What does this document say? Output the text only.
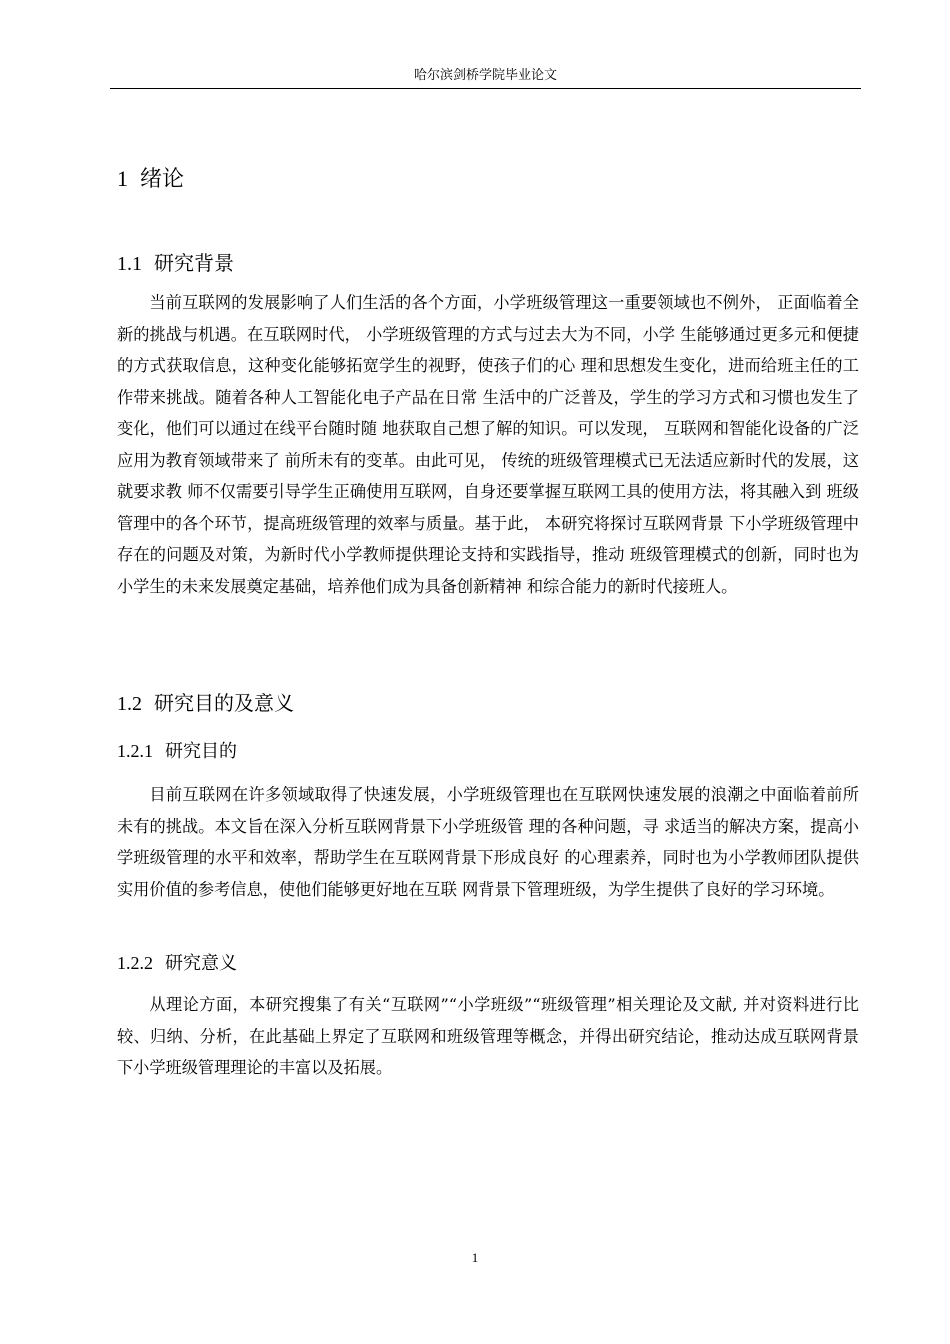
哈尔滨剑桥学院毕业论文
1 绪论
1.1 研究背景

当前互联网的发展影响了人们生活的各个方面，小学班级管理这一重要领域也不例外， 正面临着全新的挑战与机遇。在互联网时代， 小学班级管理的方式与过去大为不同，小学 生能够通过更多元和便捷的方式获取信息，这种变化能够拓宽学生的视野，使孩子们的心 理和思想发生变化，进而给班主任的工作带来挑战。随着各种人工智能化电子产品在日常 生活中的广泛普及，学生的学习方式和习惯也发生了变化，他们可以通过在线平台随时随 地获取自己想了解的知识。可以发现， 互联网和智能化设备的广泛应用为教育领域带来了 前所未有的变革。由此可见， 传统的班级管理模式已无法适应新时代的发展，这就要求教 师不仅需要引导学生正确使用互联网，自身还要掌握互联网工具的使用方法，将其融入到 班级管理中的各个环节，提高班级管理的效率与质量。基于此， 本研究将探讨互联网背景 下小学班级管理中存在的问题及对策，为新时代小学教师提供理论支持和实践指导，推动 班级管理模式的创新，同时也为小学生的未来发展奠定基础，培养他们成为具备创新精神 和综合能力的新时代接班人。

1.2 研究目的及意义
1.2.1 研究目的

目前互联网在许多领域取得了快速发展，小学班级管理也在互联网快速发展的浪潮之中面临着前所未有的挑战。本文旨在深入分析互联网背景下小学班级管 理的各种问题，寻 求适当的解决方案，提高小学班级管理的水平和效率，帮助学生在互联网背景下形成良好 的心理素养，同时也为小学教师团队提供实用价值的参考信息，使他们能够更好地在互联 网背景下管理班级，为学生提供了良好的学习环境。

1.2.2 研究意义

从理论方面，本研究搜集了有关“互联网”“小学班级”“班级管理”相关理论及文献, 并对资料进行比较、归纳、分析，在此基础上界定了互联网和班级管理等概念，并得出研究结论，推动达成互联网背景下小学班级管理理论的丰富以及拓展。

1
